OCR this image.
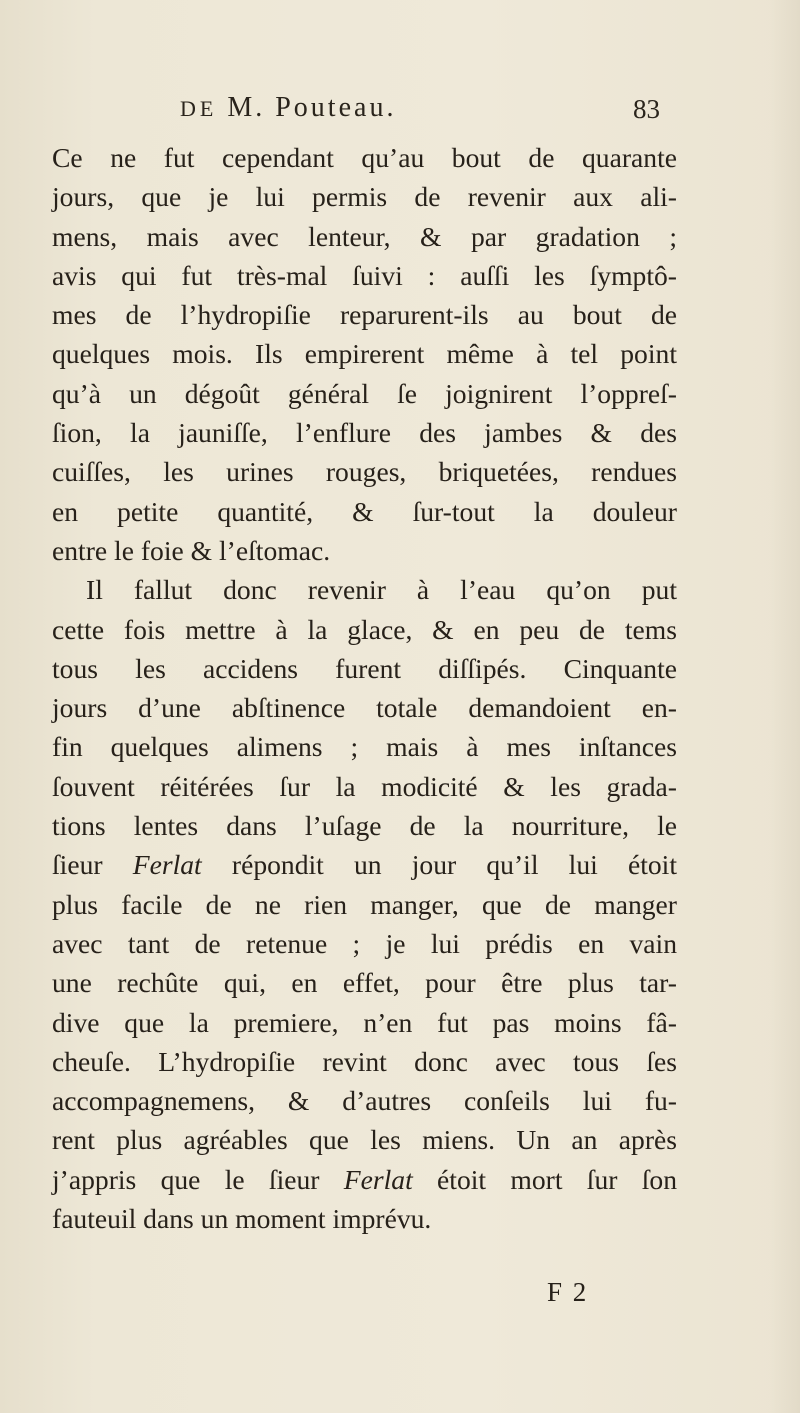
DE M. Pouteau.	83
Ce ne fut cependant qu’au bout de quarante
jours, que je lui permis de revenir aux ali-
mens, mais avec lenteur, & par gradation ;
avis qui fut très-mal ſuivi : auſſi les ſymptô-
mes de l’hydropiſie reparurent-ils au bout de
quelques mois. Ils empirerent même à tel point
qu’à un dégoût général ſe joignirent l’oppreſ-
ſion, la jauniſſe, l’enflure des jambes & des
cuiſſes, les urines rouges, briquetées, rendues
en petite quantité, & ſur-tout la douleur
entre le foie & l’eſtomac.
Il fallut donc revenir à l’eau qu’on put
cette fois mettre à la glace, & en peu de tems
tous les accidens furent diſſipés. Cinquante
jours d’une abſtinence totale demandoient en-
fin quelques alimens ; mais à mes inſtances
ſouvent réitérées ſur la modicité & les grada-
tions lentes dans l’uſage de la nourriture, le
ſieur Ferlat répondit un jour qu’il lui étoit
plus facile de ne rien manger, que de manger
avec tant de retenue ; je lui prédis en vain
une rechûte qui, en effet, pour être plus tar-
dive que la premiere, n’en fut pas moins fâ-
cheuſe. L’hydropiſie revint donc avec tous ſes
accompagnemens, & d’autres conſeils lui fu-
rent plus agréables que les miens. Un an après
j’appris que le ſieur Ferlat étoit mort ſur ſon
fauteuil dans un moment imprévu.
F 2
